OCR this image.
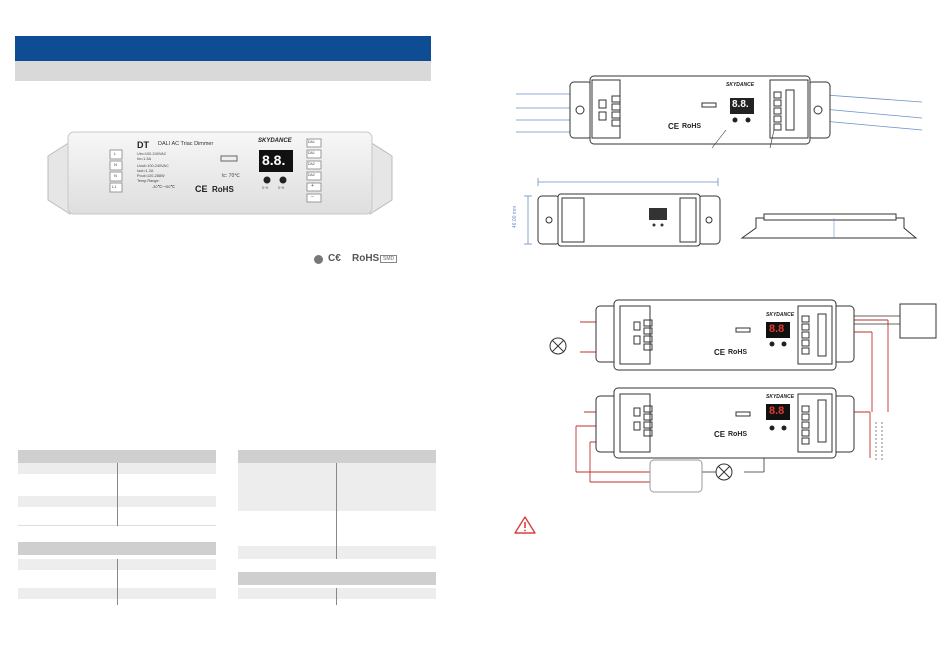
DT DALI AC Triac Dimmer	SKYDANCE
8.8.
Uin=100-240VAC
Iin=1.3A
Uout=100-240VAC
Iout=1.2A
Pout=120-288W
Temp.Range:
-30℃~+50℃
tc: 70℃
CE RoHS
L
N
N
L1
DA1
DA1
DA2
DA2
+
−
0~9	0~9
C€ RoHS SMD
SKYDANCE
8.8.
CE RoHS
46.00 mm
SKYDANCE
8.8
CE RoHS
SKYDANCE
8.8
CE RoHS
